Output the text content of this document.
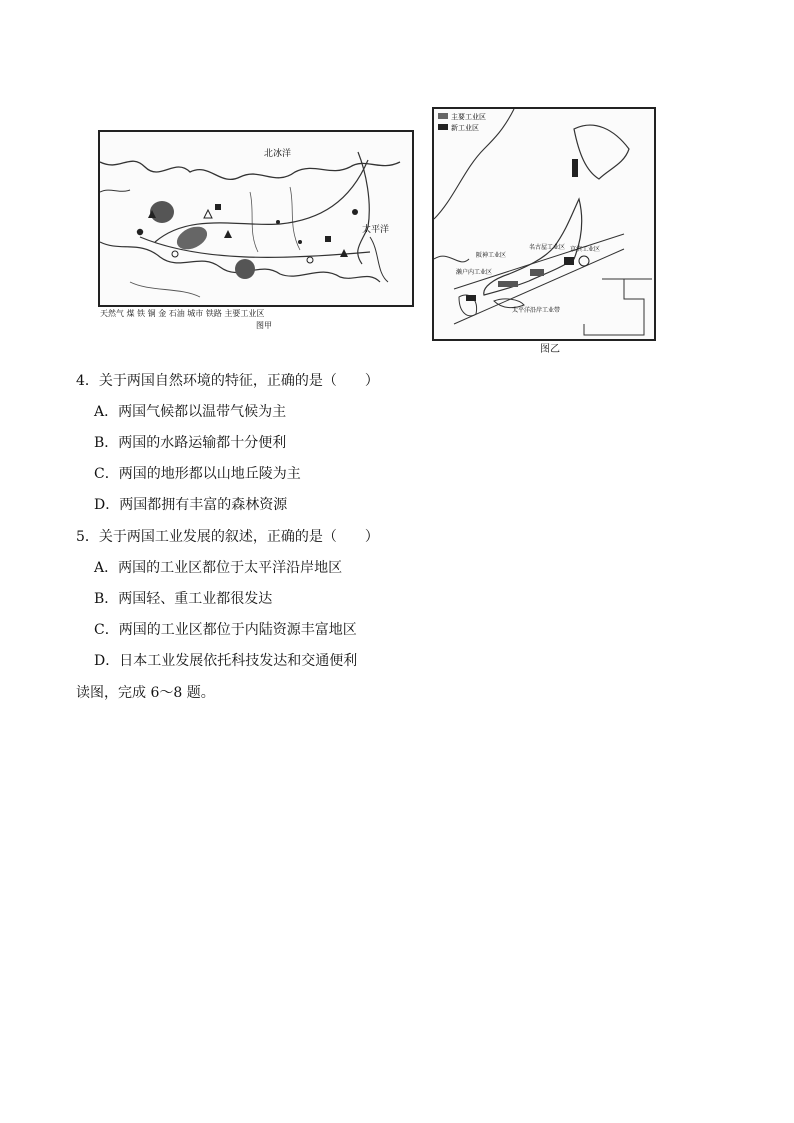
北冰洋
太平洋
天然气 煤 铁 铜 金 石油 城市 铁路 主要工业区
图甲
主要工业区
新工业区
阪神工业区
名古屋工业区 京滨工业区
濑户内工业区
太平洋沿岸工业带
图乙
4．关于两国自然环境的特征，正确的是（　　）
A．两国气候都以温带气候为主
B．两国的水路运输都十分便利
C．两国的地形都以山地丘陵为主
D．两国都拥有丰富的森林资源
5．关于两国工业发展的叙述，正确的是（　　）
A．两国的工业区都位于太平洋沿岸地区
B．两国轻、重工业都很发达
C．两国的工业区都位于内陆资源丰富地区
D．日本工业发展依托科技发达和交通便利
读图，完成 6～8 题。
